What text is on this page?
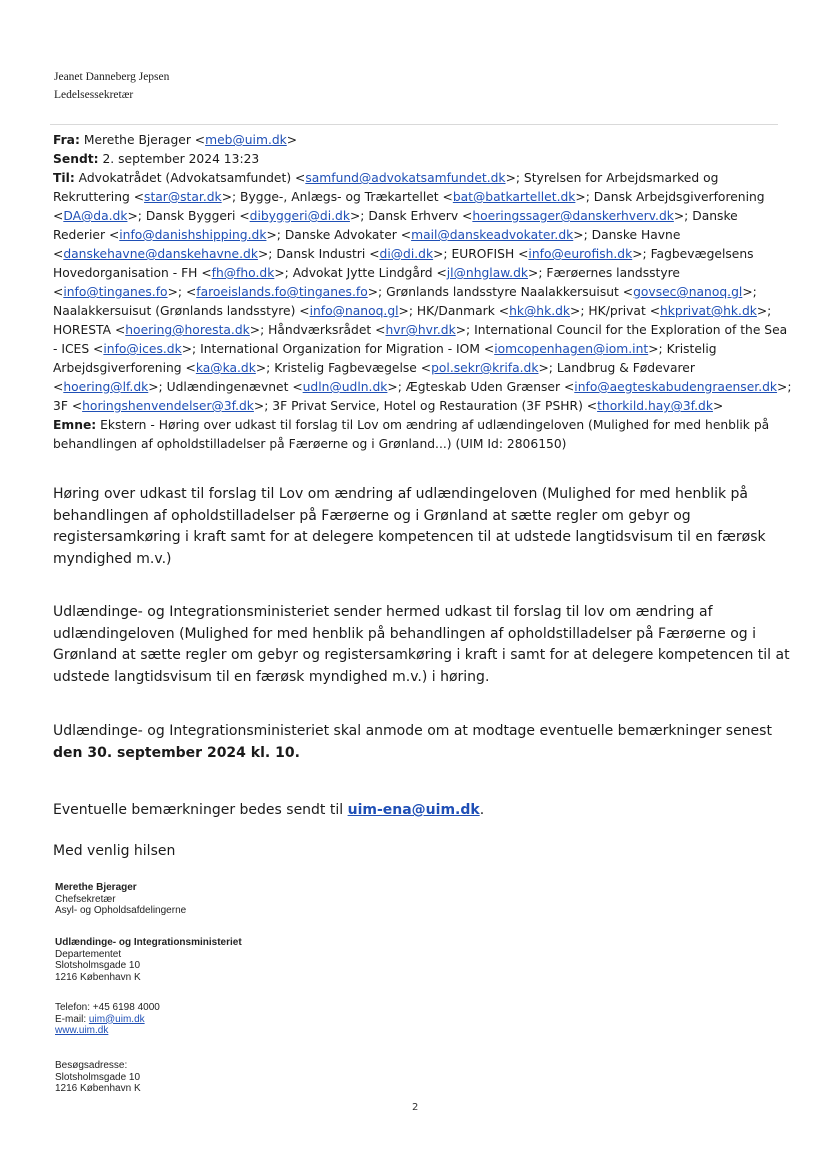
Jeanet Danneberg Jepsen
Ledelsessekretær

Fra: Merethe Bjerager <meb@uim.dk>

Sendt: 2. september 2024 13:23

Til: Advokatrådet (Advokatsamfundet) <samfund@advokatsamfundet.dk>; Styrelsen for Arbejdsmarked og Rekruttering <star@star.dk>; Bygge-, Anlægs- og Trækartellet <bat@batkartellet.dk>; Dansk Arbejdsgiverforening <DA@da.dk>; Dansk Byggeri <dibyggeri@di.dk>; Dansk Erhverv <hoeringssager@danskerhverv.dk>; Danske Rederier <info@danishshipping.dk>; Danske Advokater <mail@danskeadvokater.dk>; Danske Havne <danskehavne@danskehavne.dk>; Dansk Industri <di@di.dk>; EUROFISH <info@eurofish.dk>; Fagbevægelsens Hovedorganisation - FH <fh@fho.dk>; Advokat Jytte Lindgård <jl@nhglaw.dk>; Færøernes landsstyre <info@tinganes.fo>; <faroeislands.fo@tinganes.fo>; Grønlands landsstyre Naalakkersuisut <govsec@nanoq.gl>; Naalakkersuisut (Grønlands landsstyre) <info@nanoq.gl>; HK/Danmark <hk@hk.dk>; HK/privat <hkprivat@hk.dk>; HORESTA <hoering@horesta.dk>; Håndværksrådet <hvr@hvr.dk>; International Council for the Exploration of the Sea - ICES <info@ices.dk>; International Organization for Migration - IOM <iomcopenhagen@iom.int>; Kristelig Arbejdsgiverforening <ka@ka.dk>; Kristelig Fagbevægelse <pol.sekr@krifa.dk>; Landbrug & Fødevarer <hoering@lf.dk>; Udlændingenævnet <udln@udln.dk>; Ægteskab Uden Grænser <info@aegteskabudengraenser.dk>; 3F <horingshenvendelser@3f.dk>; 3F Privat Service, Hotel og Restauration (3F PSHR) <thorkild.hay@3f.dk>

Emne: Ekstern - Høring over udkast til forslag til Lov om ændring af udlændingeloven (Mulighed for med henblik på behandlingen af opholdstilladelser på Færøerne og i Grønland...) (UIM Id: 2806150)

Høring over udkast til forslag til Lov om ændring af udlændingeloven (Mulighed for med henblik på behandlingen af opholdstilladelser på Færøerne og i Grønland at sætte regler om gebyr og registersamkøring i kraft samt for at delegere kompetencen til at udstede langtidsvisum til en færøsk myndighed m.v.)

Udlændinge- og Integrationsministeriet sender hermed udkast til forslag til lov om ændring af udlændingeloven (Mulighed for med henblik på behandlingen af opholdstilladelser på Færøerne og i Grønland at sætte regler om gebyr og registersamkøring i kraft i samt for at delegere kompetencen til at udstede langtidsvisum til en færøsk myndighed m.v.) i høring.

Udlændinge- og Integrationsministeriet skal anmode om at modtage eventuelle bemærkninger senest den 30. september 2024 kl. 10.

Eventuelle bemærkninger bedes sendt til uim-ena@uim.dk.

Med venlig hilsen

Merethe Bjerager
Chefsekretær
Asyl- og Opholdsafdelingerne
Udlændinge- og Integrationsministeriet
Departementet
Slotsholmsgade 10
1216 København K
Telefon: +45 6198 4000
E-mail: uim@uim.dk
www.uim.dk
Besøgsadresse:
Slotsholmsgade 10
1216 København K
2
